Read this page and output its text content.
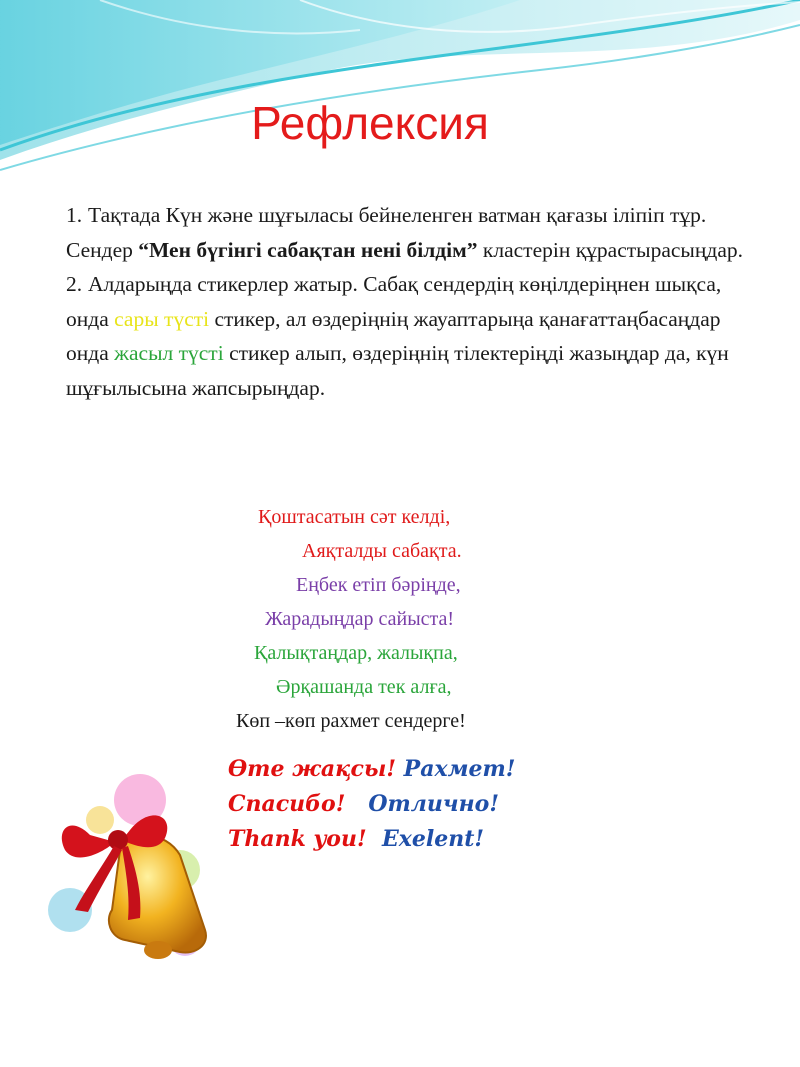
Рефлексия

1. Тақтада Күн және шұғыласы бейнеленген ватман қағазы іліпіп тұр. Сендер “Мен бүгінгі сабақтан нені білдім” кластерін құрастырасыңдар.

2. Алдарыңда стикерлер жатыр. Сабақ сендердің көңілдеріңнен шықса, онда сары түсті стикер, ал өздеріңнің жауаптарыңа қанағаттаңбасаңдар онда жасыл түсті стикер алып, өздеріңнің тілектеріңді жазыңдар да, күн шұғылысына жапсырыңдар.

Қоштасатын сәт келді,
Аяқталды сабақта.
Еңбек етіп бәріңде,
Жарадыңдар сайыста!
Қалықтаңдар, жалықпа,
Әрқашанда тек алға,
Көп –көп рахмет сендерге!
Өте жақсы! Рахмет!
Спасибо! Отлично!
Thank you! Exelent!
